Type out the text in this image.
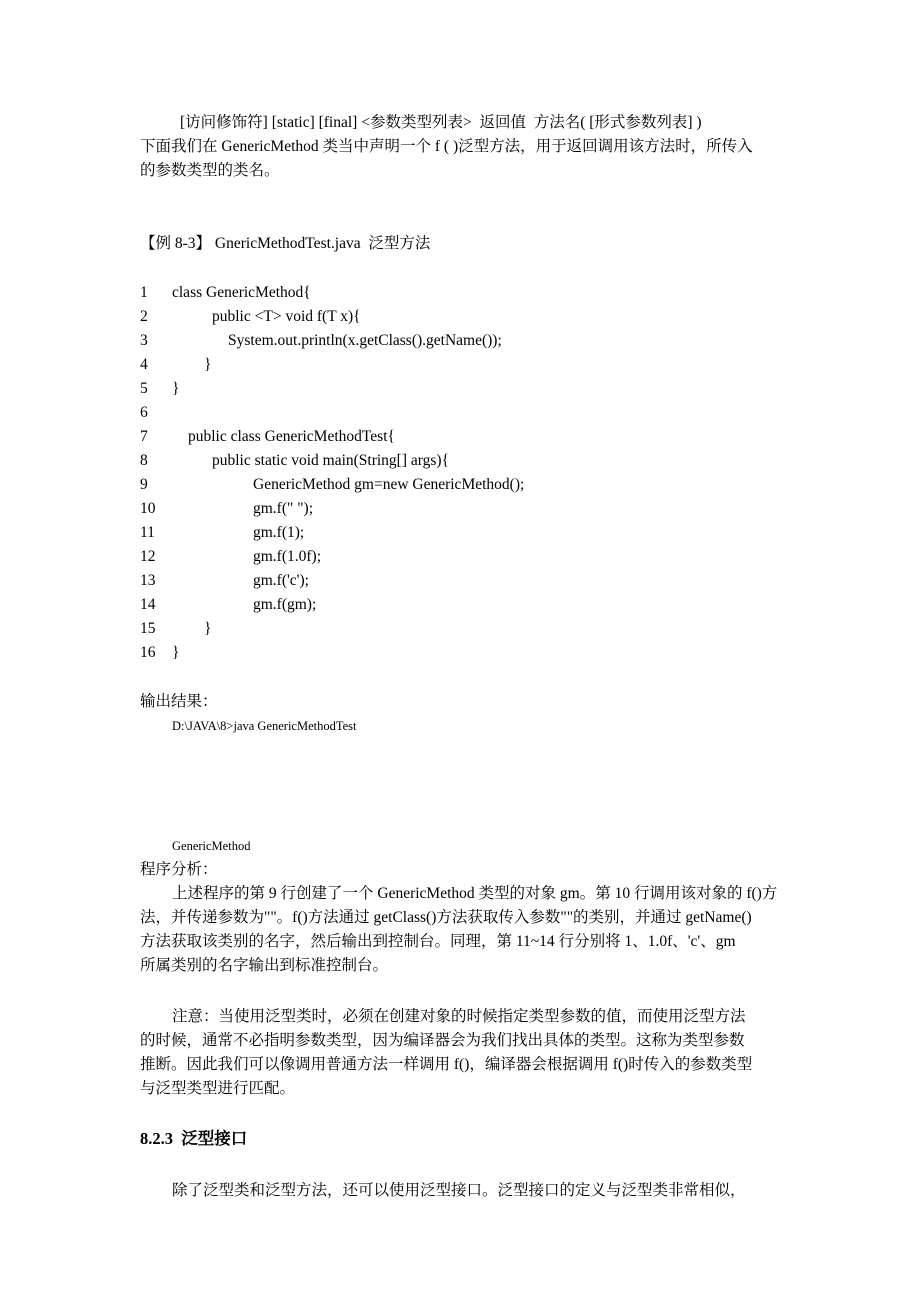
[访问修饰符] [static] [final] <参数类型列表>  返回值  方法名( [形式参数列表] )
下面我们在 GenericMethod 类当中声明一个 f ( )泛型方法，用于返回调用该方法时，所传入
的参数类型的类名。
【例 8-3】 GnericMethodTest.java  泛型方法
1 class GenericMethod{
2	public <T> void f(T x){
3	System.out.println(x.getClass().getName());
4	}
5 }
6
7	public class GenericMethodTest{
8	public static void main(String[] args){
9	GenericMethod gm=new GenericMethod();
10	gm.f(" ");
11	gm.f(1);
12	gm.f(1.0f);
13	gm.f('c');
14	gm.f(gm);
15	}
16 }
输出结果：
D:\JAVA\8>java GenericMethodTest
GenericMethod
程序分析：
上述程序的第 9 行创建了一个 GenericMethod 类型的对象 gm。第 10 行调用该对象的 f()方
法，并传递参数为""。f()方法通过 getClass()方法获取传入参数""的类别，并通过 getName()
方法获取该类别的名字，然后输出到控制台。同理，第 11~14 行分别将 1、1.0f、'c'、gm
所属类别的名字输出到标准控制台。
注意：当使用泛型类时，必须在创建对象的时候指定类型参数的值，而使用泛型方法
的时候，通常不必指明参数类型，因为编译器会为我们找出具体的类型。这称为类型参数
推断。因此我们可以像调用普通方法一样调用 f()，编译器会根据调用 f()时传入的参数类型
与泛型类型进行匹配。
8.2.3  泛型接口
除了泛型类和泛型方法，还可以使用泛型接口。泛型接口的定义与泛型类非常相似，
